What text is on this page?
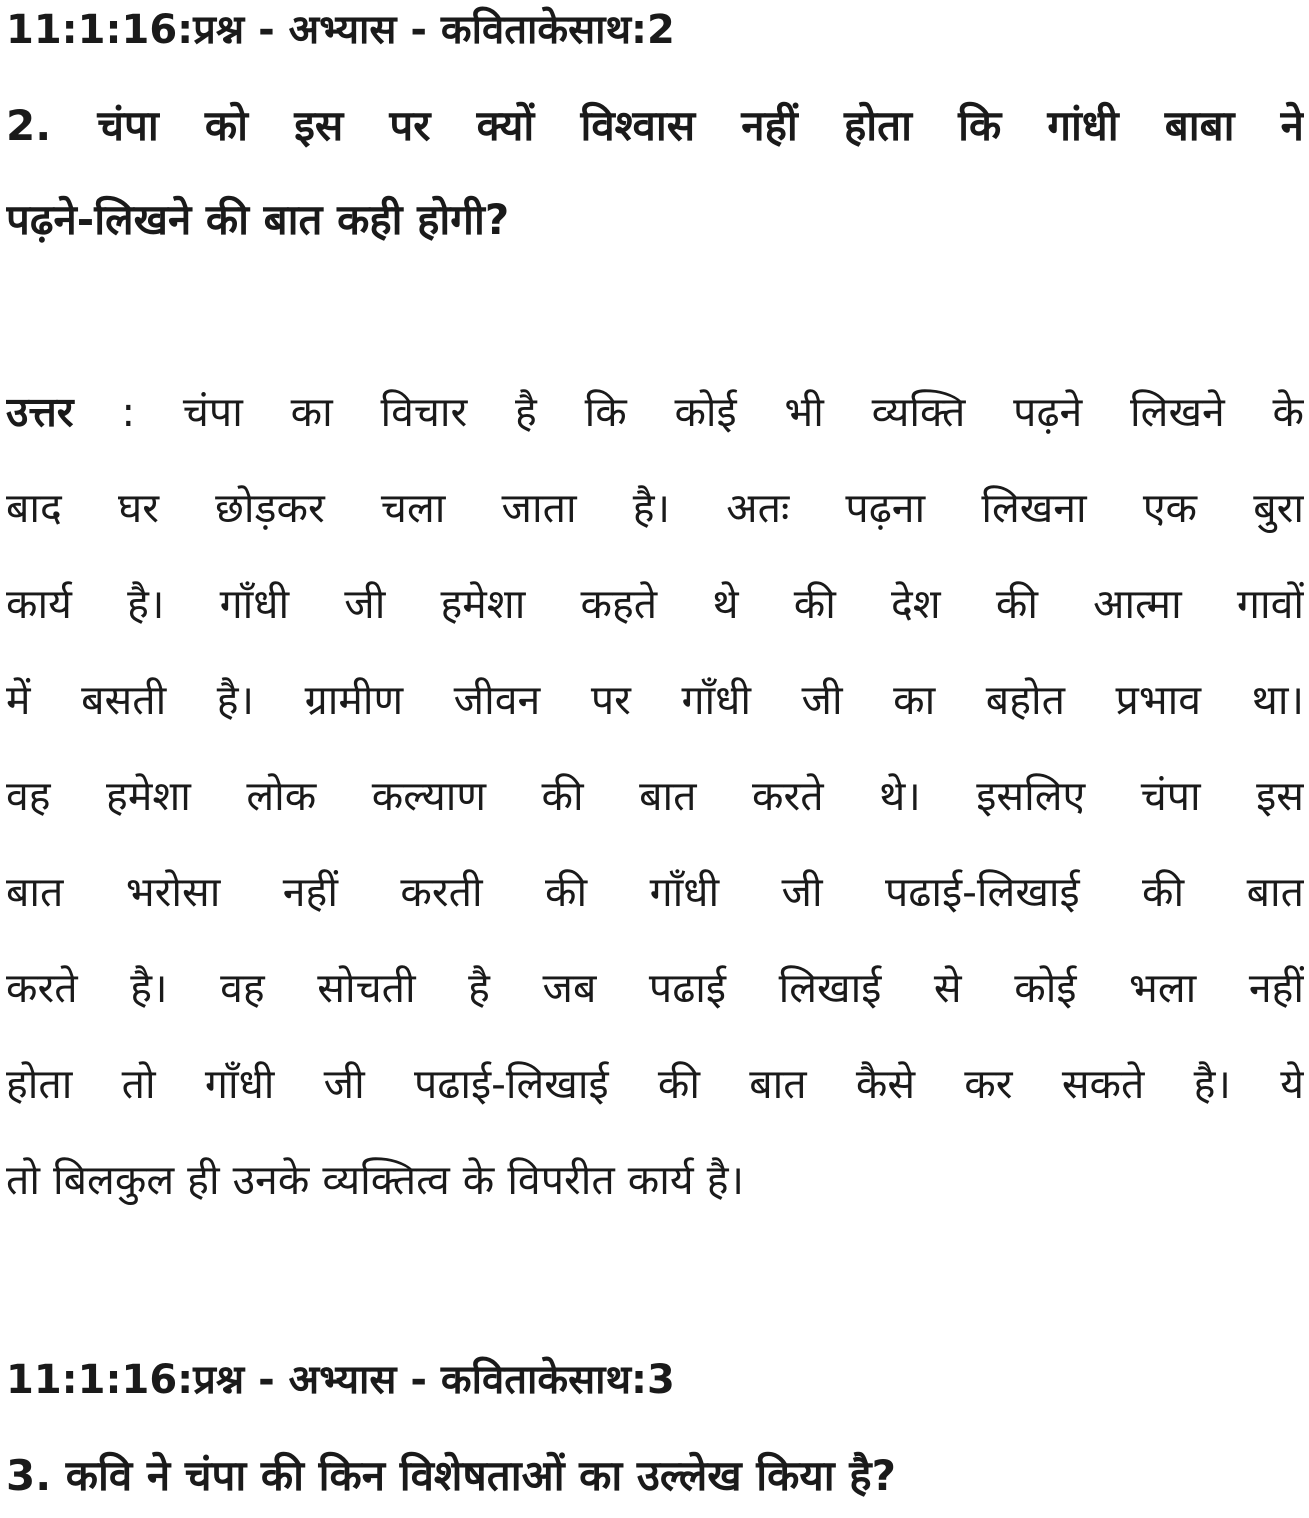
11:1:16:प्रश्न - अभ्यास - कविताकेसाथ:2
2. चंपा को इस पर क्यों विश्वास नहीं होता कि गांधी बाबा ने
पढ़ने-लिखने की बात कही होगी?
उत्तर : चंपा का विचार है कि कोई भी व्यक्ति पढ़ने लिखने के
बाद घर छोड़कर चला जाता है। अतः पढ़ना लिखना एक बुरा
कार्य है। गाँधी जी हमेशा कहते थे की देश की आत्मा गावों
में बसती है। ग्रामीण जीवन पर गाँधी जी का बहोत प्रभाव था।
वह हमेशा लोक कल्याण की बात करते थे। इसलिए चंपा इस
बात भरोसा नहीं करती की गाँधी जी पढाई-लिखाई की बात
करते है। वह सोचती है जब पढाई लिखाई से कोई भला नहीं
होता तो गाँधी जी पढाई-लिखाई की बात कैसे कर सकते है। ये
तो बिलकुल ही उनके व्यक्तित्व के विपरीत कार्य है।
11:1:16:प्रश्न - अभ्यास - कविताकेसाथ:3
3. कवि ने चंपा की किन विशेषताओं का उल्लेख किया है?
